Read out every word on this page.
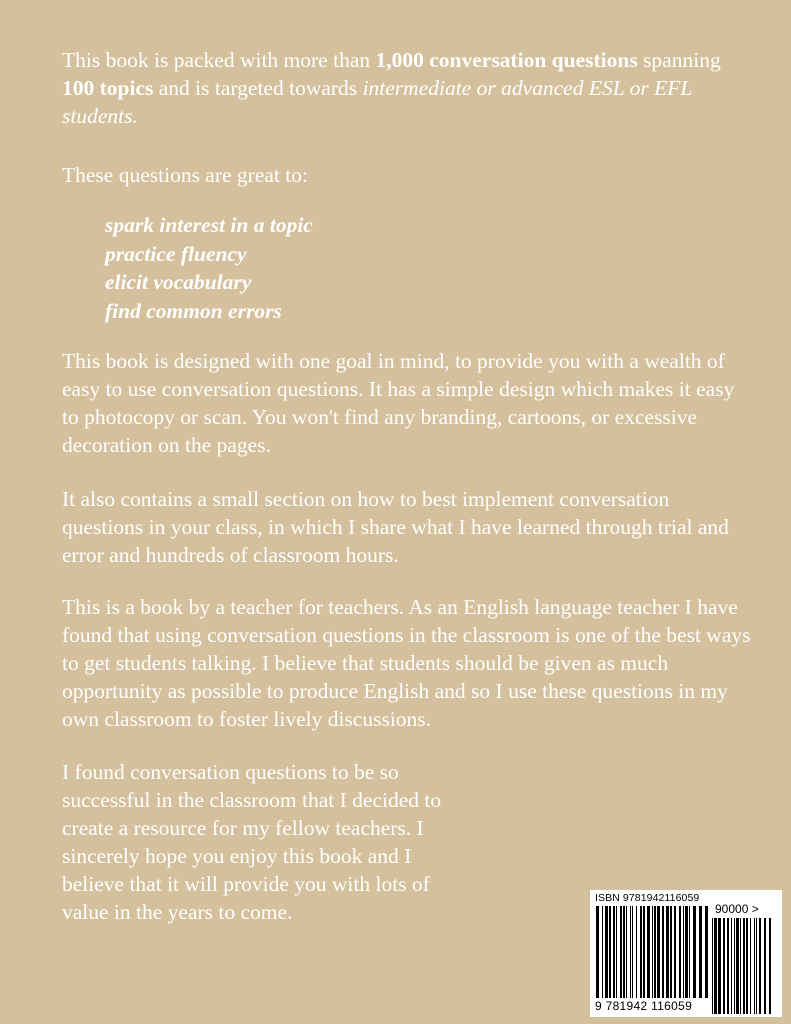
This book is packed with more than 1,000 conversation questions spanning 100 topics and is targeted towards intermediate or advanced ESL or EFL students.

These questions are great to:

spark interest in a topic
practice fluency
elicit vocabulary
find common errors

This book is designed with one goal in mind, to provide you with a wealth of easy to use conversation questions. It has a simple design which makes it easy to photocopy or scan. You won't find any branding, cartoons, or excessive decoration on the pages.

It also contains a small section on how to best implement conversation questions in your class, in which I share what I have learned through trial and error and hundreds of classroom hours.

This is a book by a teacher for teachers. As an English language teacher I have found that using conversation questions in the classroom is one of the best ways to get students talking. I believe that students should be given as much opportunity as possible to produce English and so I use these questions in my own classroom to foster lively discussions.

I found conversation questions to be so successful in the classroom that I decided to create a resource for my fellow teachers. I sincerely hope you enjoy this book and I believe that it will provide you with lots of value in the years to come.

ISBN 9781942116059
90000 >
9 781942 116059
